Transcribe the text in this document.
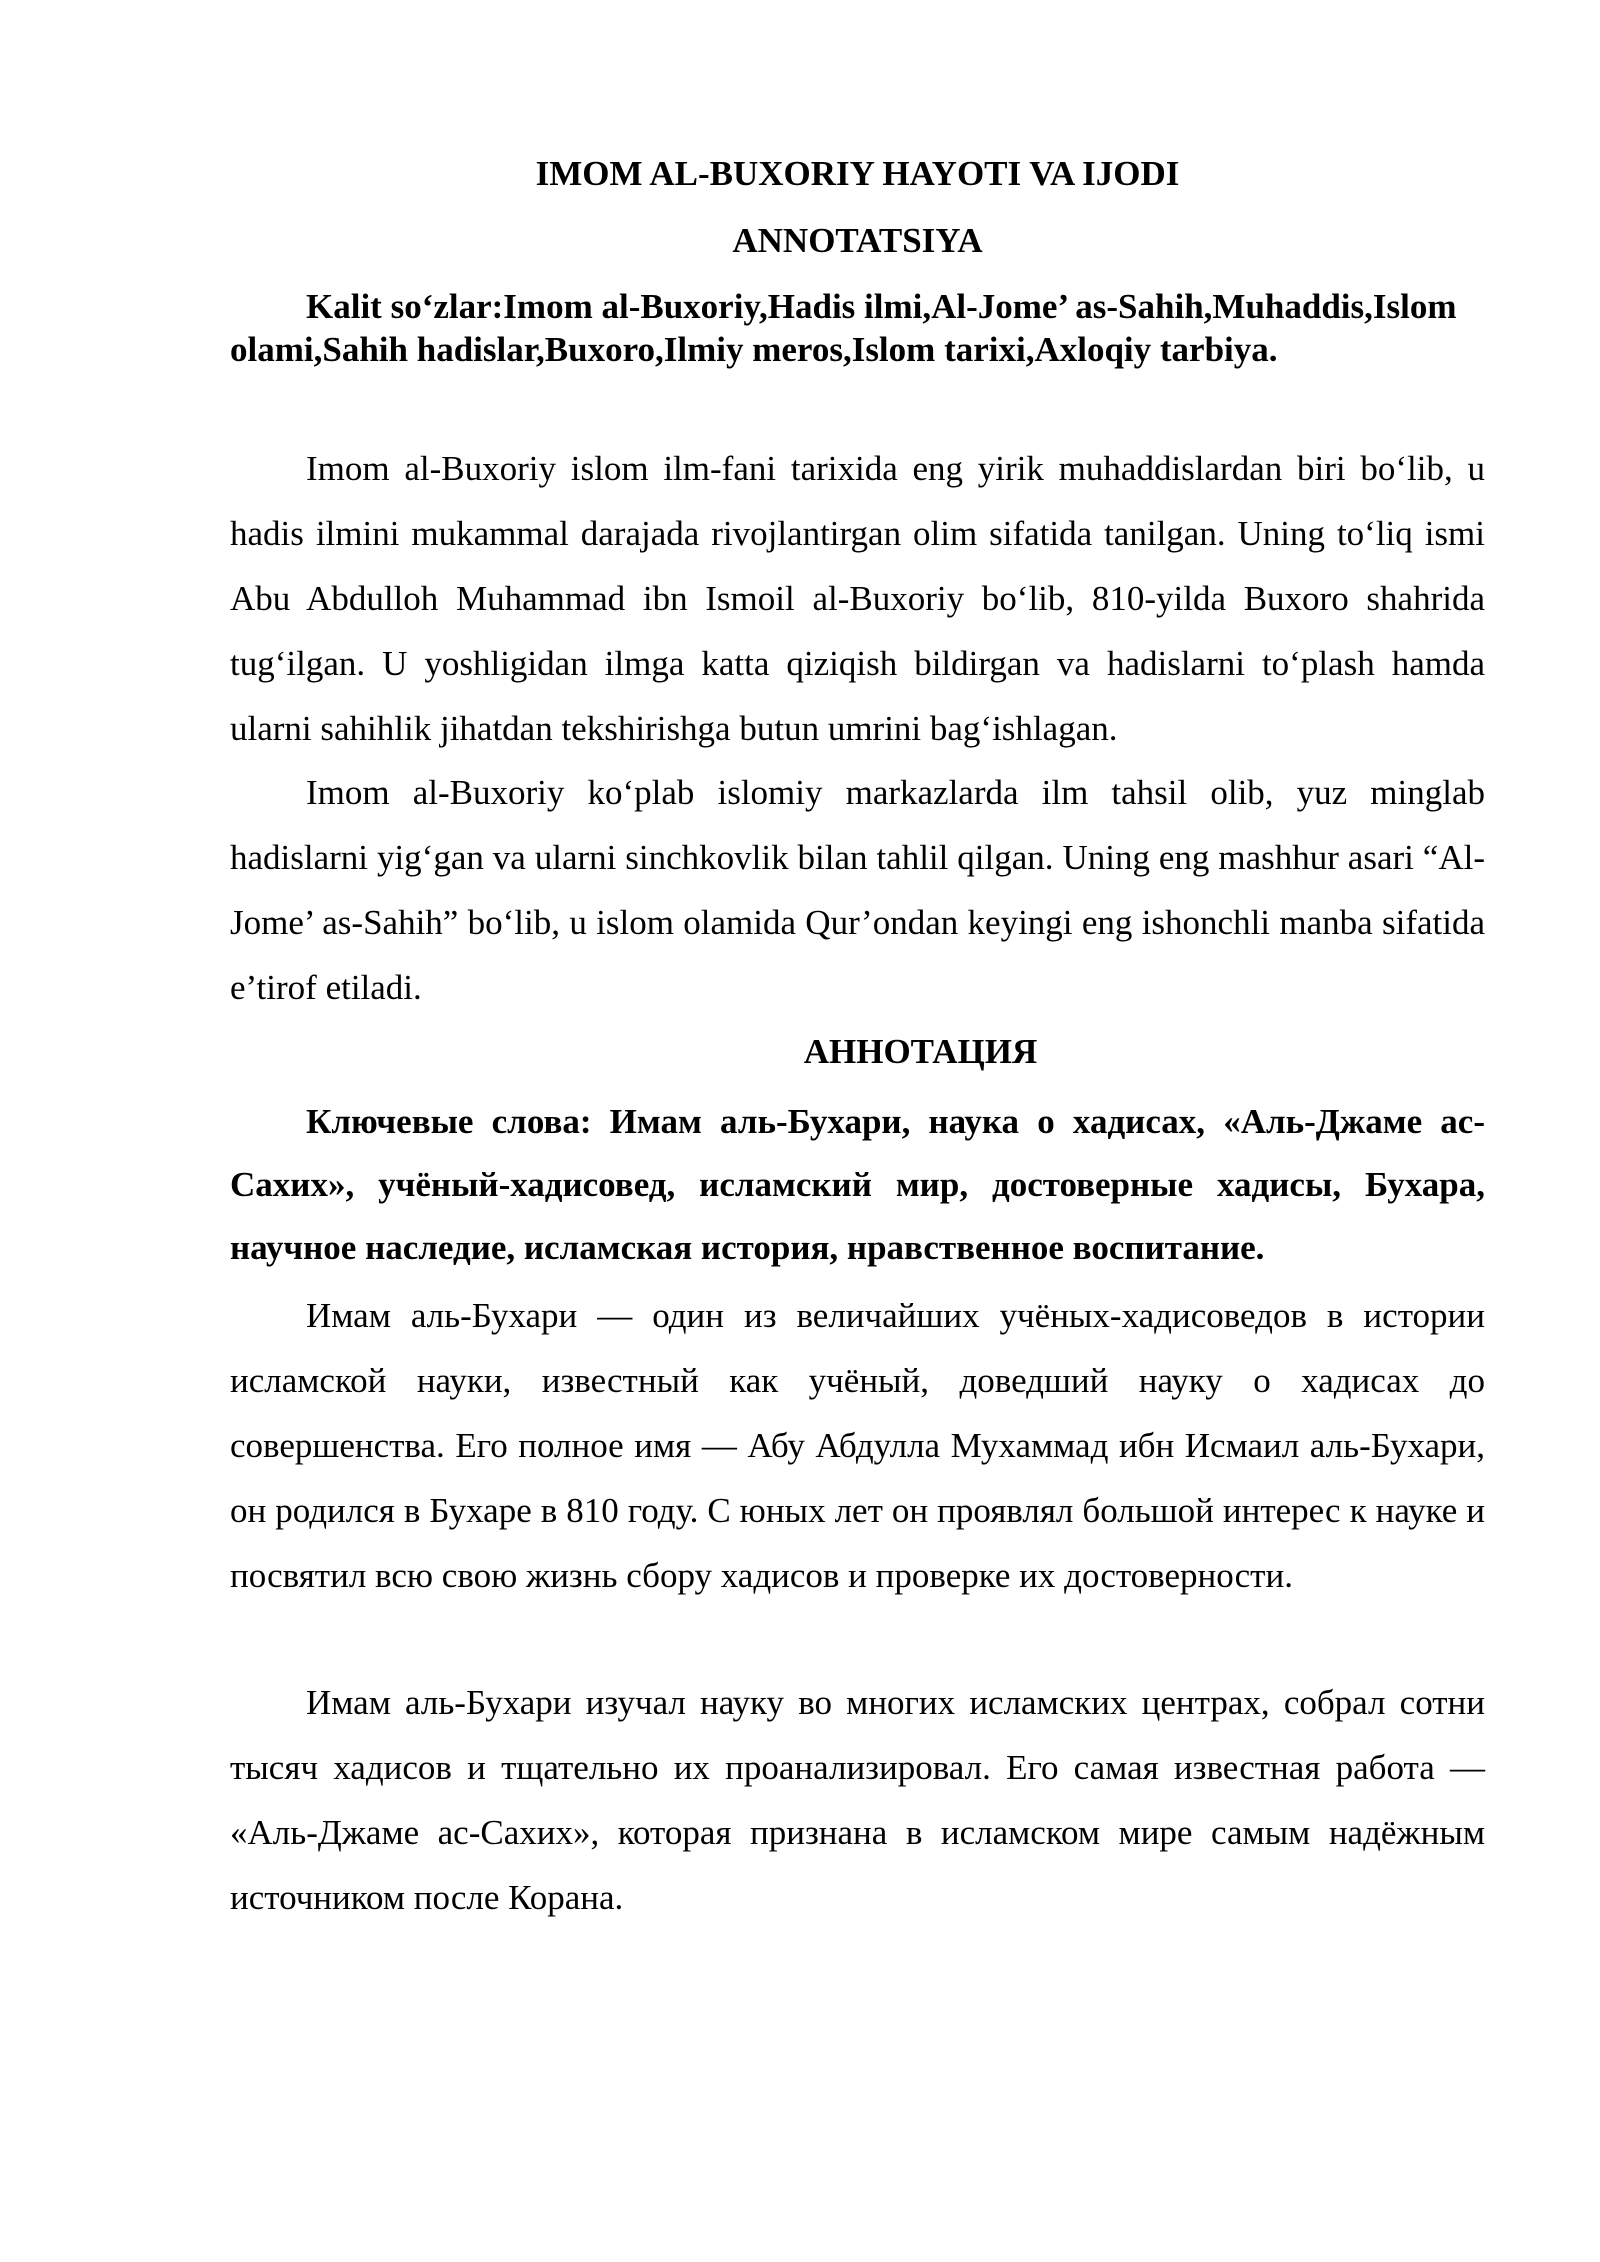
IMOM AL-BUXORIY HAYOTI VA IJODI
ANNOTATSIYA

Kalit so‘zlar:Imom al-Buxoriy,Hadis ilmi,Al-Jome’ as-Sahih,Muhaddis,Islom olami,Sahih hadislar,Buxoro,Ilmiy meros,Islom tarixi,Axloqiy tarbiya.

Imom al-Buxoriy islom ilm-fani tarixida eng yirik muhaddislardan biri bo‘lib, u hadis ilmini mukammal darajada rivojlantirgan olim sifatida tanilgan. Uning to‘liq ismi Abu Abdulloh Muhammad ibn Ismoil al-Buxoriy bo‘lib, 810-yilda Buxoro shahrida tug‘ilgan. U yoshligidan ilmga katta qiziqish bildirgan va hadislarni to‘plash hamda ularni sahihlik jihatdan tekshirishga butun umrini bag‘ishlagan.

Imom al-Buxoriy ko‘plab islomiy markazlarda ilm tahsil olib, yuz minglab hadislarni yig‘gan va ularni sinchkovlik bilan tahlil qilgan. Uning eng mashhur asari “Al-Jome’ as-Sahih” bo‘lib, u islom olamida Qur’ondan keyingi eng ishonchli manba sifatida e’tirof etiladi.

АННОТАЦИЯ

Ключевые слова: Имам аль-Бухари, наука о хадисах, «Аль-Джаме ас-Сахих», учёный-хадисовед, исламский мир, достоверные хадисы, Бухара, научное наследие, исламская история, нравственное воспитание.

Имам аль-Бухари — один из величайших учёных-хадисоведов в истории исламской науки, известный как учёный, доведший науку о хадисах до совершенства. Его полное имя — Абу Абдулла Мухаммад ибн Исмаил аль-Бухари, он родился в Бухаре в 810 году. С юных лет он проявлял большой интерес к науке и посвятил всю свою жизнь сбору хадисов и проверке их достоверности.

Имам аль-Бухари изучал науку во многих исламских центрах, собрал сотни тысяч хадисов и тщательно их проанализировал. Его самая известная работа — «Аль-Джаме ас-Сахих», которая признана в исламском мире самым надёжным источником после Корана.
